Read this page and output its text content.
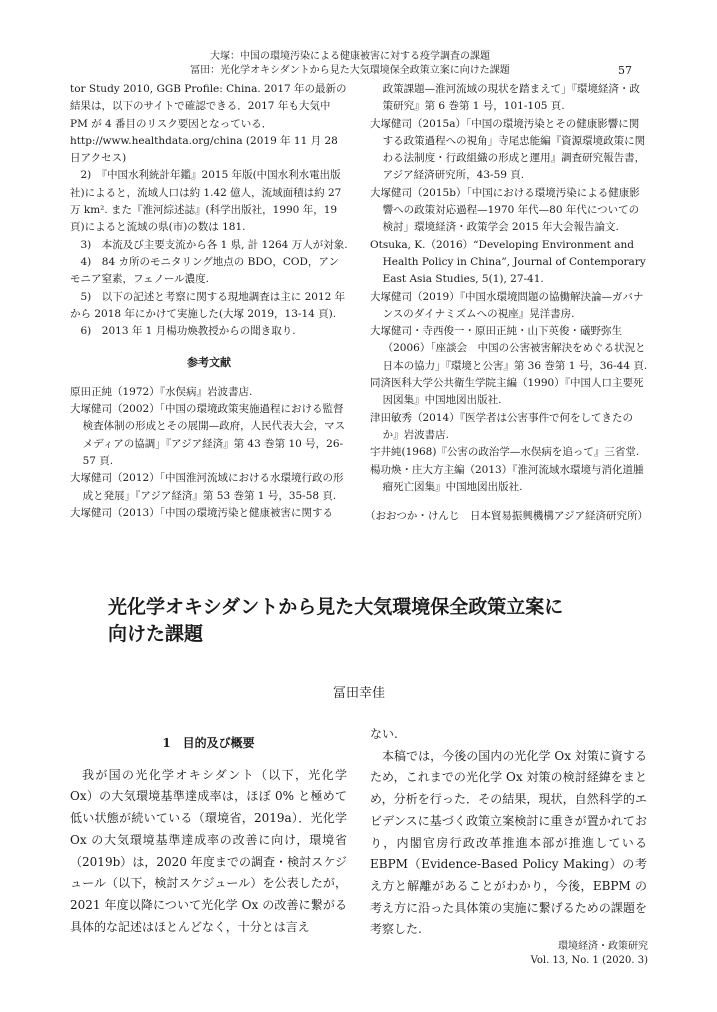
大塚：中国の環境汚染による健康被害に対する疫学調査の課題
冨田：光化学オキシダントから見た大気環境保全政策立案に向けた課題	57

tor Study 2010, GGB Profile: China. 2017 年の最新の結果は，以下のサイトで確認できる．2017 年も大気中 PM が 4 番目のリスク要因となっている．http://www.healthdata.org/china (2019 年 11 月 28 日アクセス)

2)　『中国水利統計年鑑』2015 年版(中国水利水電出版社)によると，流域人口は約 1.42 億人，流域面積は約 27 万 km². また『淮河綜述誌』(科学出版社，1990 年，19 頁)によると流域の県(市)の数は 181.

3)　本流及び主要支流から各 1 県, 計 1264 万人が対象.

4)　84 カ所のモニタリング地点の BDO，COD，アンモニア窒素，フェノール濃度.

5)　以下の記述と考察に関する現地調査は主に 2012 年から 2018 年にかけて実施した(大塚 2019，13-14 頁).

6)　2013 年 1 月楊功煥教授からの聞き取り.

参考文献

原田正純（1972）『水俣病』岩波書店.

大塚健司（2002）「中国の環境政策実施過程における監督検査体制の形成とその展開—政府，人民代表大会，マスメディアの協調」『アジア経済』第 43 巻第 10 号，26-57 頁.

大塚健司（2012）「中国淮河流域における水環境行政の形成と発展」『アジア経済』第 53 巻第 1 号，35-58 頁.

大塚健司（2013）「中国の環境汚染と健康被害に関する

政策課題—淮河流域の現状を踏まえて」『環境経済・政策研究』第 6 巻第 1 号，101-105 頁.

大塚健司（2015a）「中国の環境汚染とその健康影響に関する政策過程への視角」寺尾忠能編『資源環境政策に関わる法制度・行政組織の形成と運用』調査研究報告書，アジア経済研究所，43-59 頁.

大塚健司（2015b）「中国における環境汚染による健康影響への政策対応過程—1970 年代—80 年代についての検討」環境経済・政策学会 2015 年大会報告論文.

Otsuka, K.（2016）“Developing Environment and Health Policy in China”, Journal of Contemporary East Asia Studies, 5(1), 27-41.

大塚健司（2019）『中国水環境問題の協働解決論—ガバナンスのダイナミズムへの視座』晃洋書房.

大塚健司・寺西俊一・原田正純・山下英俊・礒野弥生（2006）「座談会　中国の公害被害解決をめぐる状況と日本の協力」『環境と公害』第 36 巻第 1 号，36-44 頁.

同済医科大学公共衛生学院主編（1990）『中国人口主要死因図集』中国地図出版社.

津田敏秀（2014）『医学者は公害事件で何をしてきたのか』岩波書店.

宇井純(1968)『公害の政治学—水俣病を追って』三省堂.

楊功煥・庄大方主編（2013）『淮河流域水環境与消化道腫瘤死亡図集』中国地図出版社.

（おおつか・けんじ　日本貿易振興機構アジア経済研究所）
光化学オキシダントから見た大気環境保全政策立案に
向けた課題
冨田幸佳

1　目的及び概要

我が国の光化学オキシダント（以下，光化学 Ox）の大気環境基準達成率は，ほぼ 0% と極めて低い状態が続いている（環境省，2019a）．光化学 Ox の大気環境基準達成率の改善に向け，環境省（2019b）は，2020 年度までの調査・検討スケジュール（以下，検討スケジュール）を公表したが，2021 年度以降について光化学 Ox の改善に繋がる具体的な記述はほとんどなく，十分とは言え

ない.

本稿では，今後の国内の光化学 Ox 対策に資するため，これまでの光化学 Ox 対策の検討経緯をまとめ，分析を行った．その結果，現状，自然科学的エビデンスに基づく政策立案検討に重きが置かれており，内閣官房行政改革推進本部が推進している EBPM（Evidence-Based Policy Making）の考え方と解離があることがわかり，今後，EBPM の考え方に沿った具体策の実施に繋げるための課題を考察した.

環境経済・政策研究
Vol. 13, No. 1 (2020. 3)
